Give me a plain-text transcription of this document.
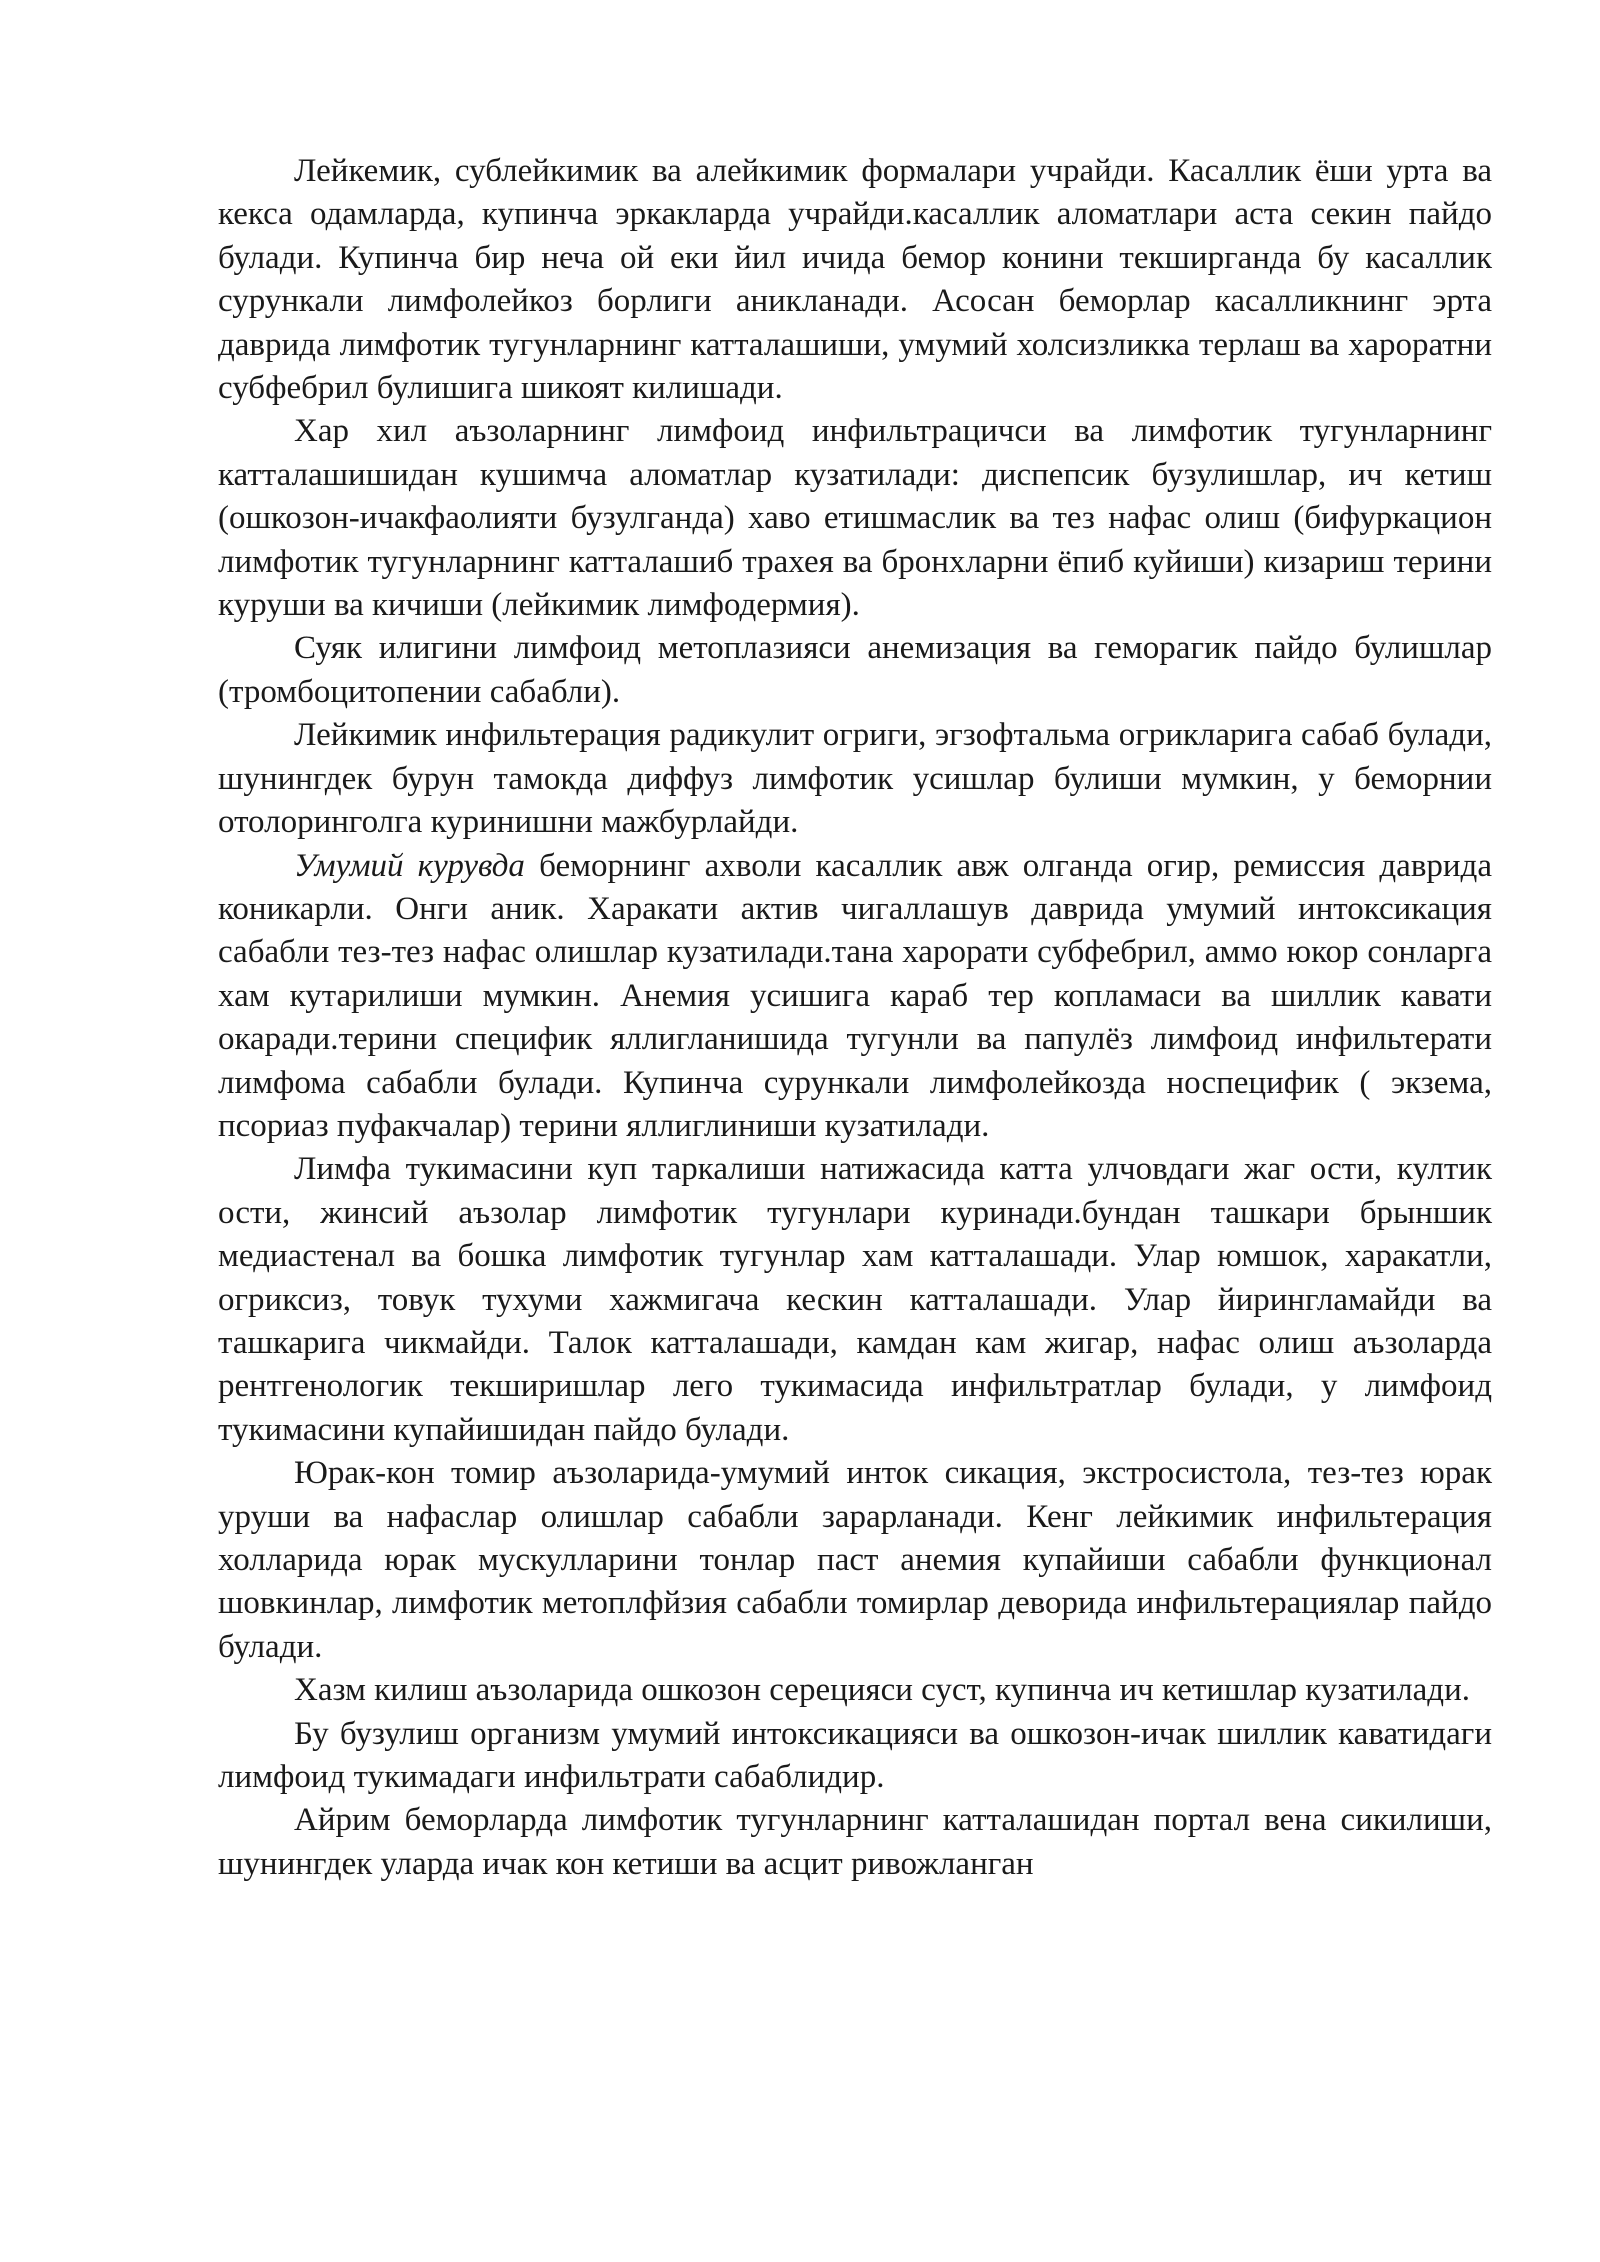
Лейкемик, сублейкимик ва алейкимик формалари учрайди. Касаллик ёши урта ва кекса одамларда, купинча эркакларда учрайди.касаллик аломатлари аста секин пайдо булади. Купинча бир неча ой еки йил ичида бемор конини текширганда бу касаллик сурункали лимфолейкоз борлиги аникланади. Асосан беморлар касалликнинг эрта даврида лимфотик тугунларнинг катталашиши, умумий холсизликка терлаш ва хароратни субфебрил булишига шикоят килишади.

Хар хил аъзоларнинг лимфоид инфильтрацичси ва лимфотик тугунларнинг катталашишидан кушимча аломатлар кузатилади: диспепсик бузулишлар, ич кетиш (ошкозон-ичакфаолияти бузулганда) хаво етишмаслик ва тез нафас олиш (бифуркацион лимфотик тугунларнинг катталашиб трахея ва бронхларни ёпиб куйиши) кизариш терини куруши ва кичиши (лейкимик лимфодермия).

Суяк илигини лимфоид метоплазияси анемизация ва геморагик пайдо булишлар (тромбоцитопении сабабли).

Лейкимик инфильтерация радикулит огриги, эгзофтальма огрикларига сабаб булади, шунингдек бурун тамокда диффуз лимфотик усишлар булиши мумкин, у беморнии отолоринголга куринишни мажбурлайди.

Умумий курувда беморнинг ахволи касаллик авж олганда огир, ремиссия даврида коникарли. Онги аник. Харакати актив чигаллашув даврида умумий интоксикация сабабли тез-тез нафас олишлар кузатилади.тана харорати субфебрил, аммо юкор сонларга хам кутарилиши мумкин. Анемия усишига караб тер копламаси ва шиллик кавати окаради.терини специфик яллигланишида тугунли ва папулёз лимфоид инфильтерати лимфома сабабли булади. Купинча сурункали лимфолейкозда носпецифик ( экзема, псориаз пуфакчалар) терини яллиглиниши кузатилади.

Лимфа тукимасини куп таркалиши натижасида катта улчовдаги жаг ости, култик ости, жинсий аъзолар лимфотик тугунлари куринади.бундан ташкари брыншик медиастенал ва бошка лимфотик тугунлар хам катталашади. Улар юмшок, харакатли, огриксиз, товук тухуми хажмигача кескин катталашади. Улар йирингламайди ва ташкарига чикмайди. Талок катталашади, камдан кам жигар, нафас олиш аъзоларда рентгенологик текширишлар лего тукимасида инфильтратлар булади, у лимфоид тукимасини купайишидан пайдо булади.

Юрак-кон томир аъзоларида-умумий инток сикация, экстросистола, тез-тез юрак уруши ва нафаслар олишлар сабабли зарарланади. Кенг лейкимик инфильтерация холларида юрак мускулларини тонлар паст анемия купайиши сабабли функционал шовкинлар, лимфотик метоплфйзия сабабли томирлар деворида инфильтерациялар пайдо булади.

Хазм килиш аъзоларида ошкозон серецияси суст, купинча ич кетишлар кузатилади.

Бу бузулиш организм умумий интоксикацияси ва ошкозон-ичак шиллик каватидаги лимфоид тукимадаги инфильтрати сабаблидир.

Айрим беморларда лимфотик тугунларнинг катталашидан портал вена сикилиши, шунингдек уларда ичак кон кетиши ва асцит ривожланган
